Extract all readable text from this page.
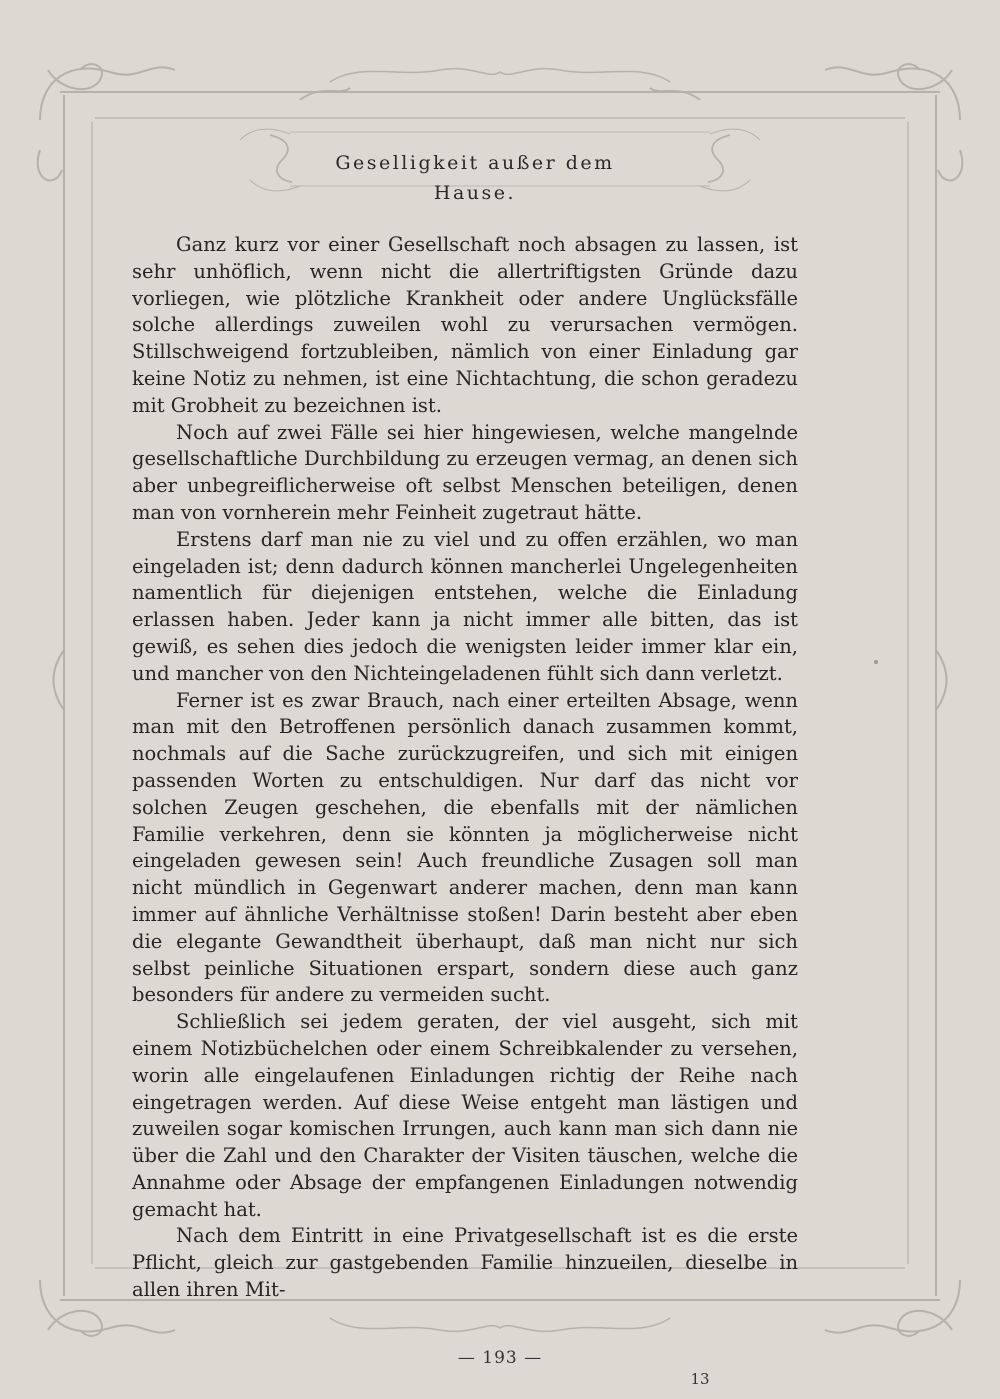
Geselligkeit außer dem Hause.

Ganz kurz vor einer Gesellschaft noch absagen zu lassen, ist sehr unhöflich, wenn nicht die allertriftigsten Gründe dazu vorliegen, wie plötzliche Krankheit oder andere Unglücksfälle solche allerdings zuweilen wohl zu verursachen vermögen. Stillschweigend fortzubleiben, nämlich von einer Einladung gar keine Notiz zu nehmen, ist eine Nichtachtung, die schon geradezu mit Grobheit zu bezeichnen ist.

Noch auf zwei Fälle sei hier hingewiesen, welche mangelnde gesellschaftliche Durchbildung zu erzeugen vermag, an denen sich aber unbegreiflicherweise oft selbst Menschen beteiligen, denen man von vornherein mehr Feinheit zugetraut hätte.

Erstens darf man nie zu viel und zu offen erzählen, wo man eingeladen ist; denn dadurch können mancherlei Ungelegenheiten namentlich für diejenigen entstehen, welche die Einladung erlassen haben. Jeder kann ja nicht immer alle bitten, das ist gewiß, es sehen dies jedoch die wenigsten leider immer klar ein, und mancher von den Nichteingeladenen fühlt sich dann verletzt.

Ferner ist es zwar Brauch, nach einer erteilten Absage, wenn man mit den Betroffenen persönlich danach zusammen kommt, nochmals auf die Sache zurückzugreifen, und sich mit einigen passenden Worten zu entschuldigen. Nur darf das nicht vor solchen Zeugen geschehen, die ebenfalls mit der nämlichen Familie verkehren, denn sie könnten ja möglicherweise nicht eingeladen gewesen sein! Auch freundliche Zusagen soll man nicht mündlich in Gegenwart anderer machen, denn man kann immer auf ähnliche Verhältnisse stoßen! Darin besteht aber eben die elegante Gewandtheit überhaupt, daß man nicht nur sich selbst peinliche Situationen erspart, sondern diese auch ganz besonders für andere zu vermeiden sucht.

Schließlich sei jedem geraten, der viel ausgeht, sich mit einem Notizbüchelchen oder einem Schreibkalender zu versehen, worin alle eingelaufenen Einladungen richtig der Reihe nach eingetragen werden. Auf diese Weise entgeht man lästigen und zuweilen sogar komischen Irrungen, auch kann man sich dann nie über die Zahl und den Charakter der Visiten täuschen, welche die Annahme oder Absage der empfangenen Einladungen notwendig gemacht hat.

Nach dem Eintritt in eine Privatgesellschaft ist es die erste Pflicht, gleich zur gastgebenden Familie hinzueilen, dieselbe in allen ihren Mit-

— 193 —
13
